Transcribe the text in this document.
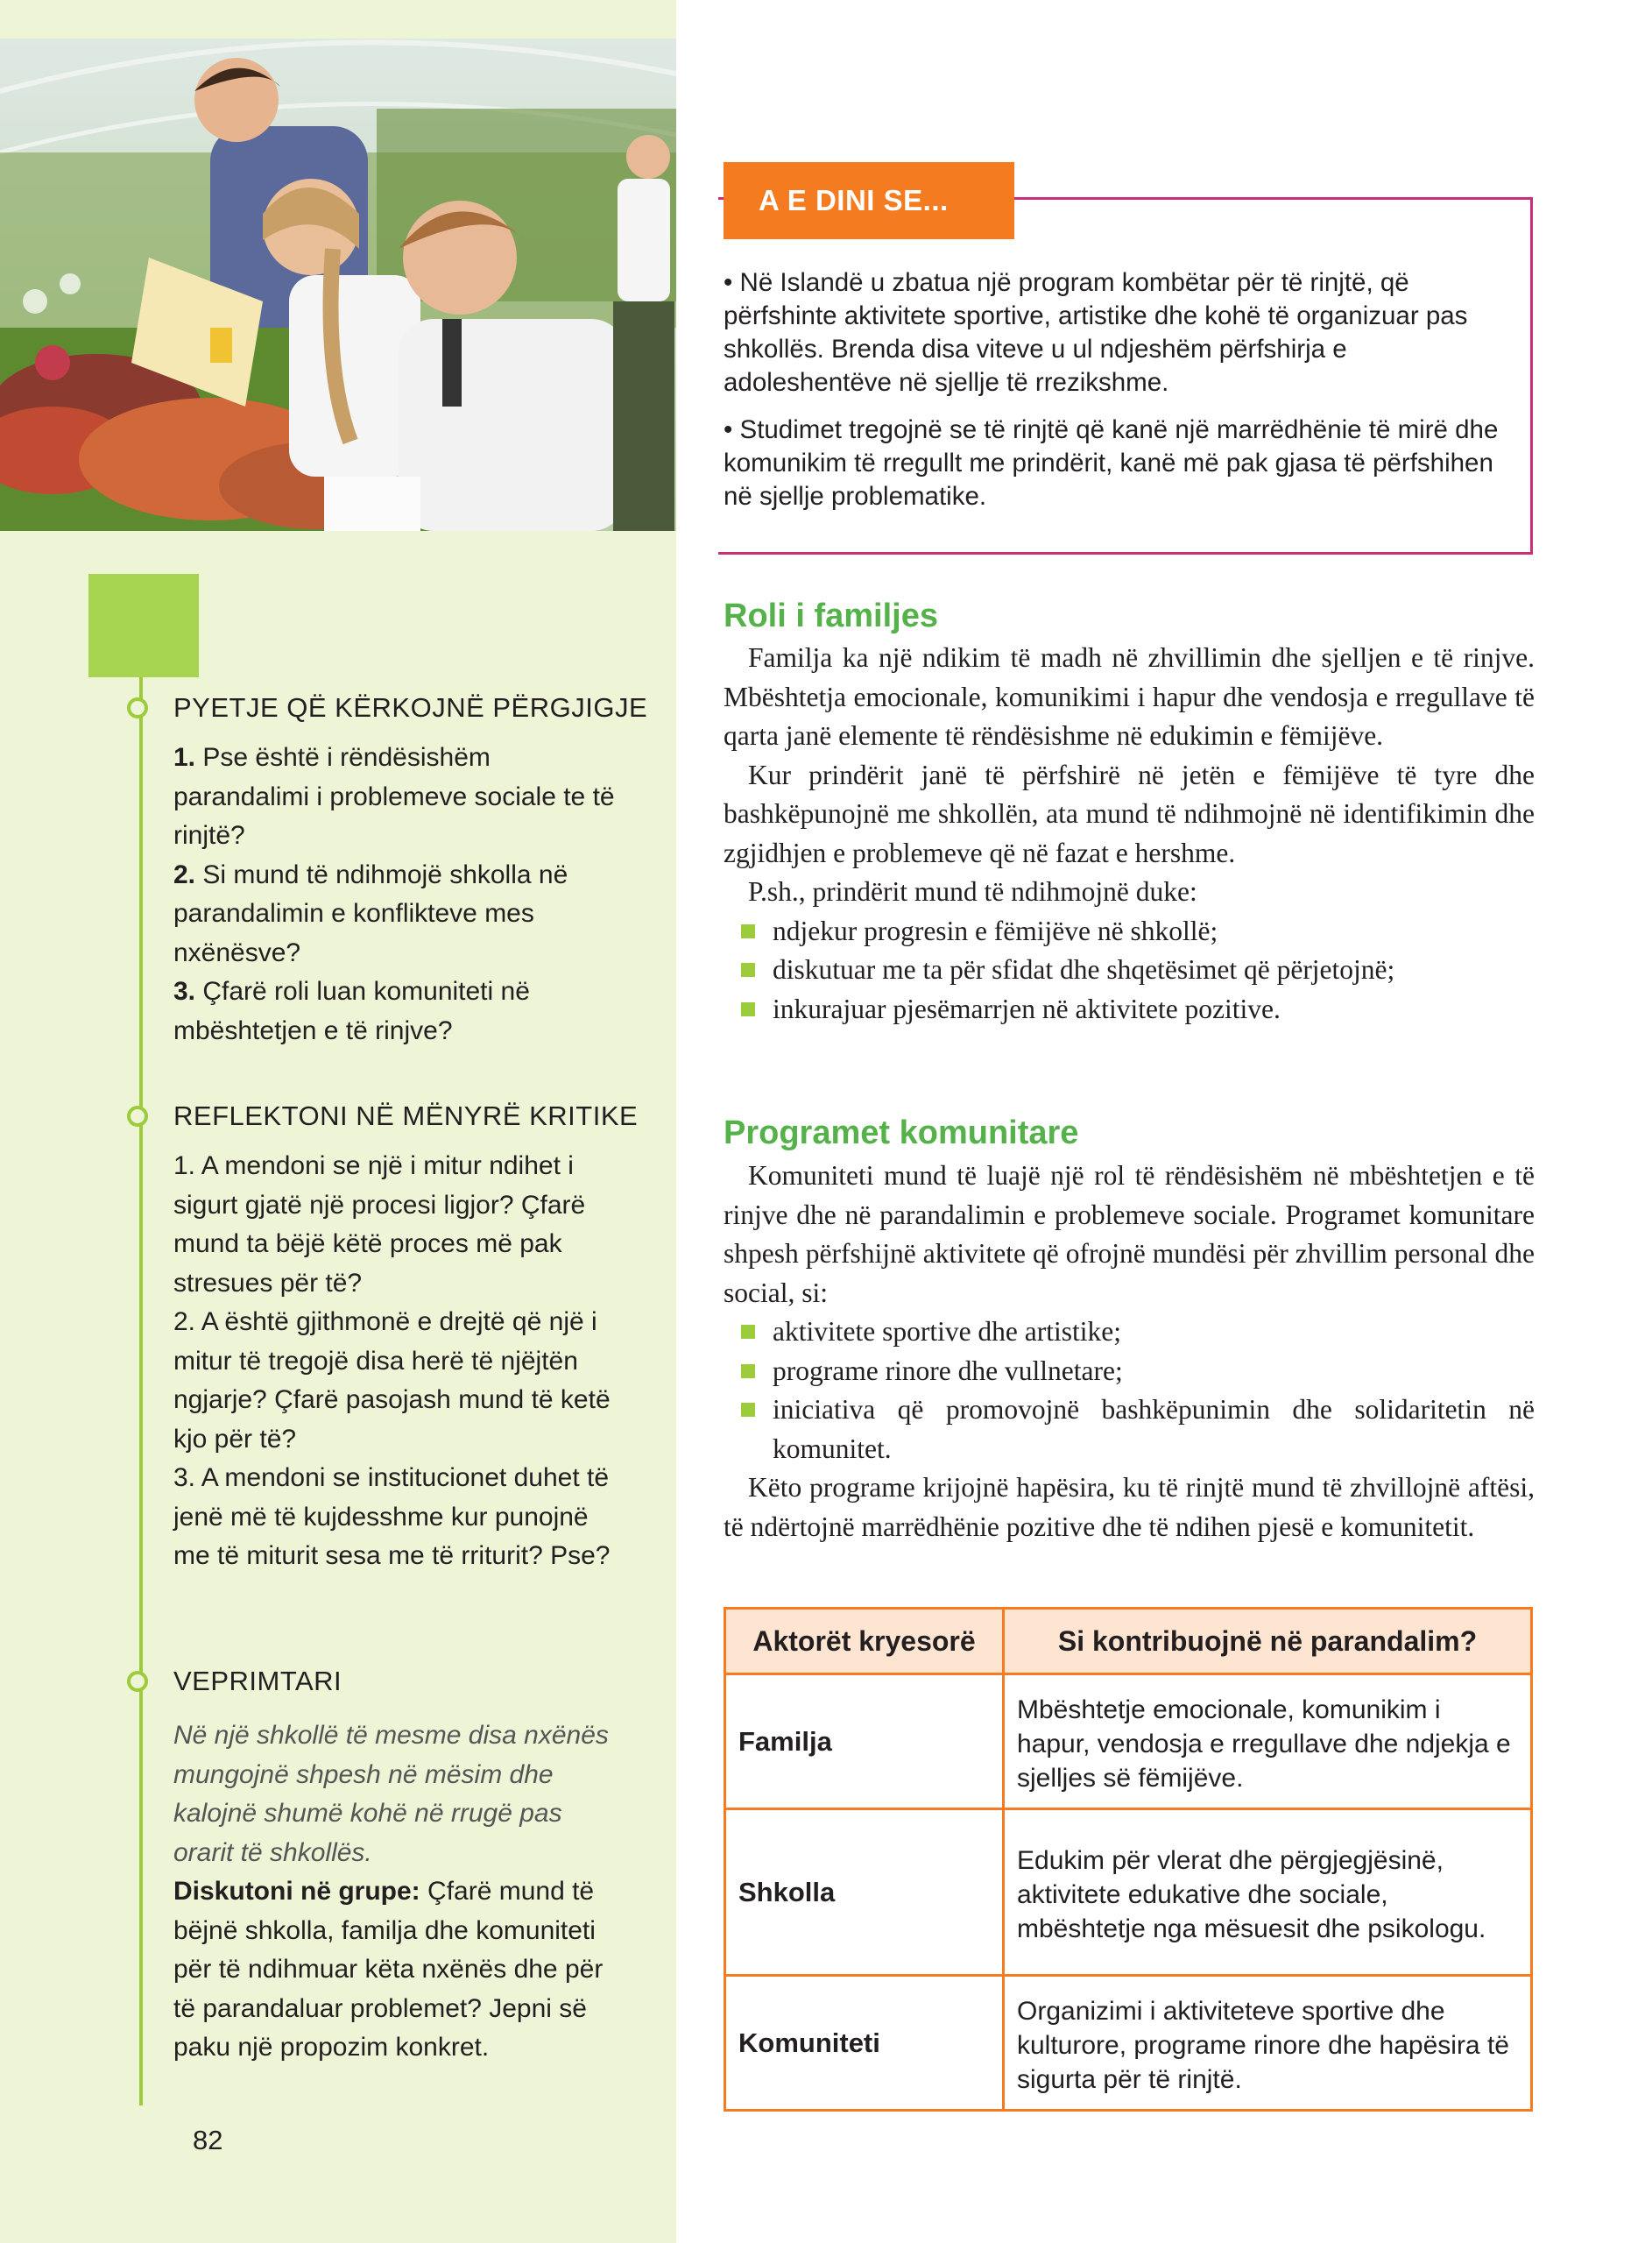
PYETJE QË KËRKOJNË PËRGJIGJE

1. Pse është i rëndësishëm parandalimi i problemeve sociale te të rinjtë?

2. Si mund të ndihmojë shkolla në parandalimin e konflikteve mes nxënësve?

3. Çfarë roli luan komuniteti në mbështetjen e të rinjve?

REFLEKTONI NË MËNYRË KRITIKE

1. A mendoni se një i mitur ndihet i sigurt gjatë një procesi ligjor? Çfarë mund ta bëjë këtë proces më pak stresues për të?

2. A është gjithmonë e drejtë që një i mitur të tregojë disa herë të njëjtën ngjarje? Çfarë pasojash mund të ketë kjo për të?

3. A mendoni se institucionet duhet të jenë më të kujdesshme kur punojnë me të miturit sesa me të rriturit? Pse?

VEPRIMTARI

Në një shkollë të mesme disa nxënës mungojnë shpesh në mësim dhe kalojnë shumë kohë në rrugë pas orarit të shkollës.

Diskutoni në grupe: Çfarë mund të bëjnë shkolla, familja dhe komuniteti për të ndihmuar këta nxënës dhe për të parandaluar problemet? Jepni së paku një propozim konkret.

82
A E DINI SE...

• Në Islandë u zbatua një program kombëtar për të rinjtë, që përfshinte aktivitete sportive, artistike dhe kohë të organizuar pas shkollës. Brenda disa viteve u ul ndjeshëm përfshirja e adoleshentëve në sjellje të rrezikshme.

• Studimet tregojnë se të rinjtë që kanë një marrëdhënie të mirë dhe komunikim të rregullt me prindërit, kanë më pak gjasa të përfshihen në sjellje problematike.

Roli i familjes

Familja ka një ndikim të madh në zhvillimin dhe sjelljen e të rinjve. Mbështetja emocionale, komunikimi i hapur dhe vendosja e rregullave të qarta janë elemente të rëndësishme në edukimin e fëmijëve.

Kur prindërit janë të përfshirë në jetën e fëmijëve të tyre dhe bashkëpunojnë me shkollën, ata mund të ndihmojnë në identifikimin dhe zgjidhjen e problemeve që në fazat e hershme.

P.sh., prindërit mund të ndihmojnë duke:

ndjekur progresin e fëmijëve në shkollë;
diskutuar me ta për sfidat dhe shqetësimet që përjetojnë;
inkurajuar pjesëmarrjen në aktivitete pozitive.
Programet komunitare

Komuniteti mund të luajë një rol të rëndësishëm në mbështetjen e të rinjve dhe në parandalimin e problemeve sociale. Programet komunitare shpesh përfshijnë aktivitete që ofrojnë mundësi për zhvillim personal dhe social, si:

aktivitete sportive dhe artistike;
programe rinore dhe vullnetare;
iniciativa që promovojnë bashkëpunimin dhe solidaritetin në komunitet.

Këto programe krijojnë hapësira, ku të rinjtë mund të zhvillojnë aftësi, të ndërtojnë marrëdhënie pozitive dhe të ndihen pjesë e komunitetit.

Aktorët kryesorë	Si kontribuojnë në parandalim?
Familja	Mbështetje emocionale, komunikim i hapur, vendosja e rregullave dhe ndjekja e sjelljes së fëmijëve.
Shkolla	Edukim për vlerat dhe përgjegjësinë, aktivitete edukative dhe sociale, mbështetje nga mësuesit dhe psikologu.
Komuniteti	Organizimi i aktiviteteve sportive dhe kulturore, programe rinore dhe hapësira të sigurta për të rinjtë.
